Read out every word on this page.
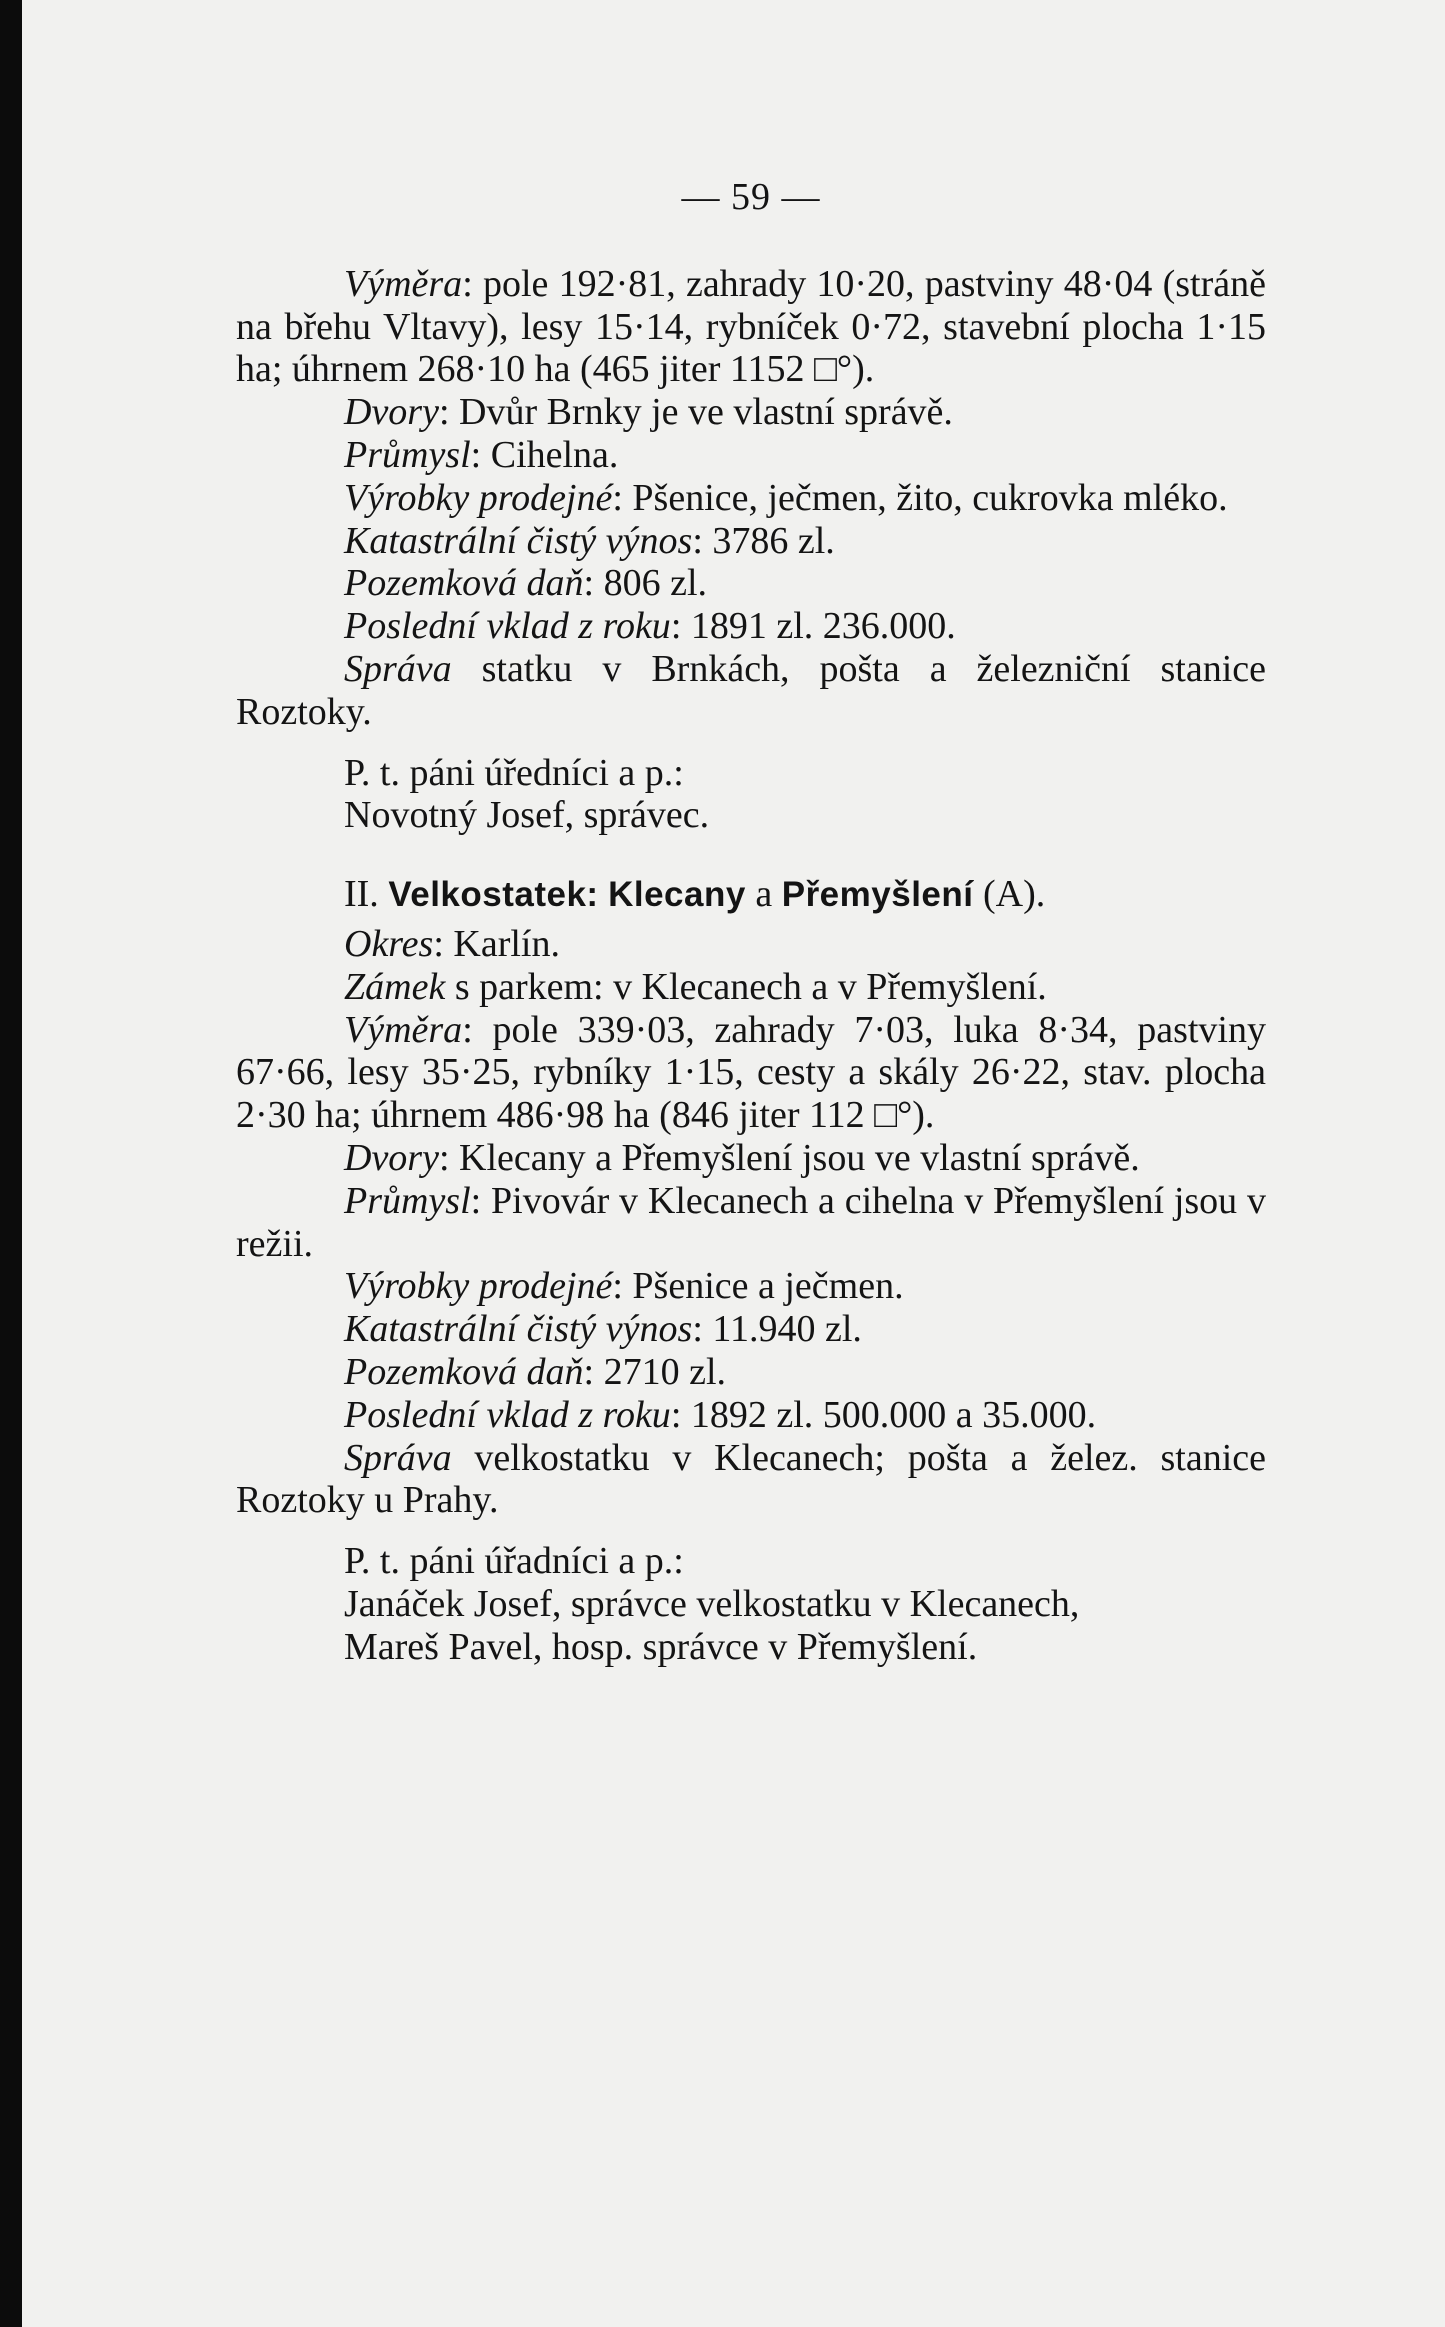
— 59 —

Výměra: pole 192·81, zahrady 10·20, pastviny 48·04 (stráně na břehu Vltavy), lesy 15·14, rybníček 0·72, stavební plocha 1·15 ha; úhrnem 268·10 ha (465 jiter 1152 □°).

Dvory: Dvůr Brnky je ve vlastní správě.

Průmysl: Cihelna.

Výrobky prodejné: Pšenice, ječmen, žito, cukrovka mléko.

Katastrální čistý výnos: 3786 zl.

Pozemková daň: 806 zl.

Poslední vklad z roku: 1891 zl. 236.000.

Správa statku v Brnkách, pošta a železniční stanice Roztoky.

P. t. páni úředníci a p.:

Novotný Josef, správec.

II. Velkostatek: Klecany a Přemyšlení (A).

Okres: Karlín.

Zámek s parkem: v Klecanech a v Přemyšlení.

Výměra: pole 339·03, zahrady 7·03, luka 8·34, pastviny 67·66, lesy 35·25, rybníky 1·15, cesty a skály 26·22, stav. plocha 2·30 ha; úhrnem 486·98 ha (846 jiter 112 □°).

Dvory: Klecany a Přemyšlení jsou ve vlastní správě.

Průmysl: Pivovár v Klecanech a cihelna v Přemyšlení jsou v režii.

Výrobky prodejné: Pšenice a ječmen.

Katastrální čistý výnos: 11.940 zl.

Pozemková daň: 2710 zl.

Poslední vklad z roku: 1892 zl. 500.000 a 35.000.

Správa velkostatku v Klecanech; pošta a želez. stanice Roztoky u Prahy.

P. t. páni úřadníci a p.:

Janáček Josef, správce velkostatku v Klecanech,

Mareš Pavel, hosp. správce v Přemyšlení.
